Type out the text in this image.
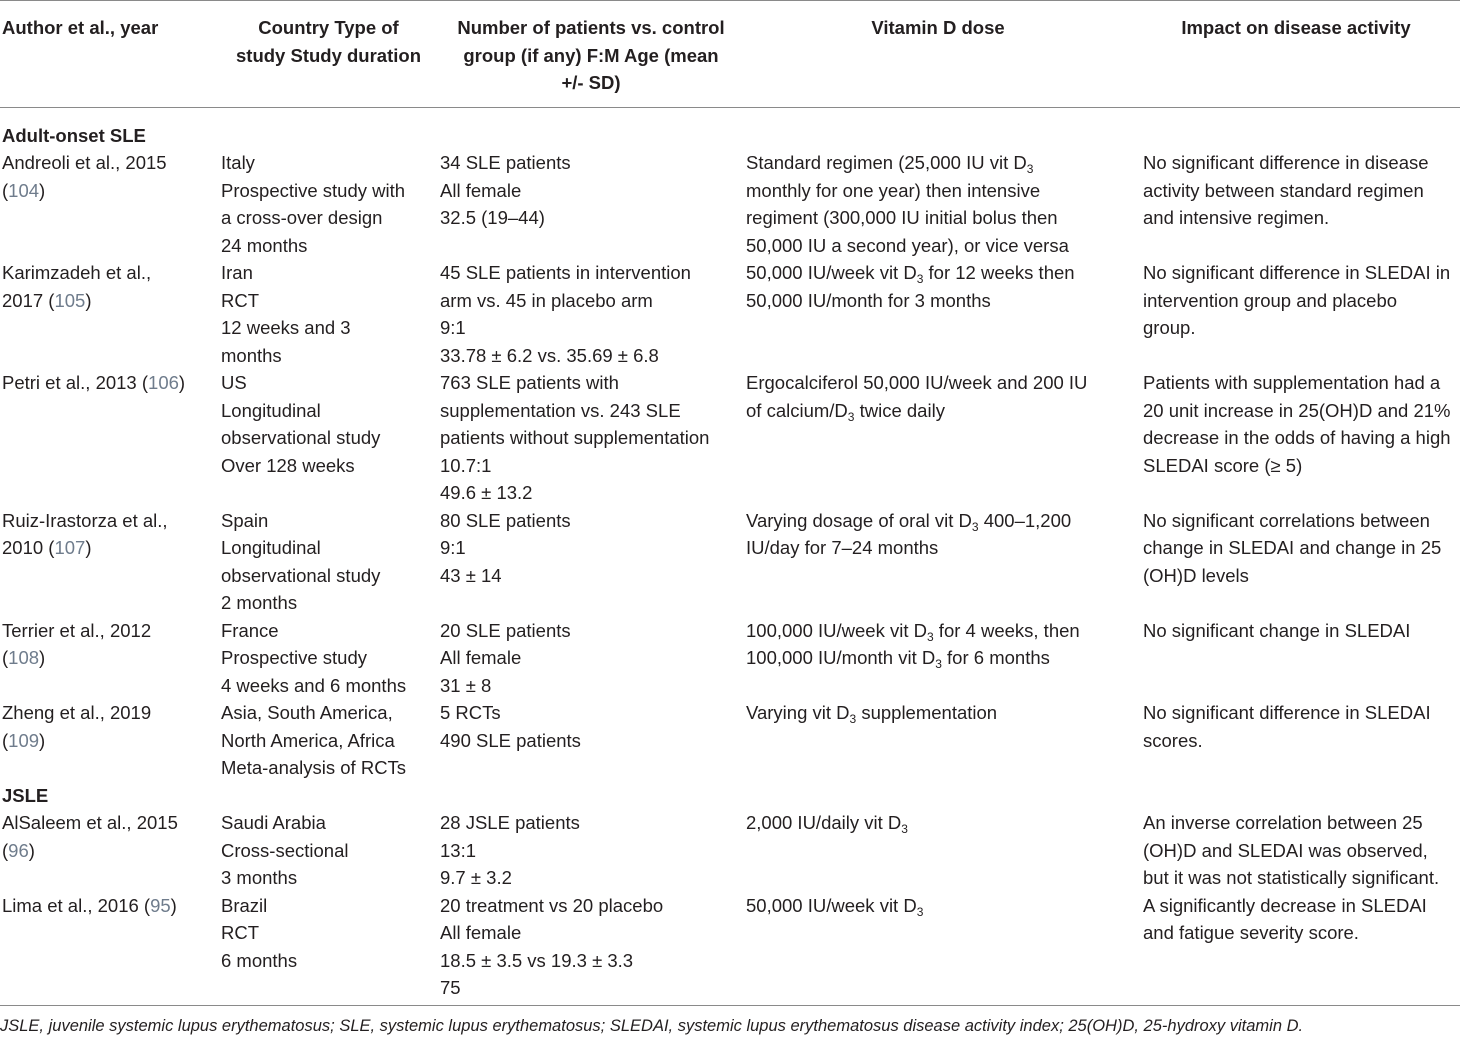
Author et al., year	Country Type of
study Study duration	Number of patients vs. control
group (if any) F:M Age (mean
+/- SD)	Vitamin D dose	Impact on disease activity

Adult-onset SLE				

Andreoli et al., 2015
(104)	Italy
Prospective study with
a cross-over design
24 months	34 SLE patients
All female
32.5 (19–44)	Standard regimen (25,000 IU vit $D_3$
monthly for one year) then intensive
regiment (300,000 IU initial bolus then
50,000 IU a second year), or vice versa	No significant difference in disease
activity between standard regimen
and intensive regimen.

Karimzadeh et al.,
2017 (105)	Iran
RCT
12 weeks and 3
months	45 SLE patients in intervention
arm vs. 45 in placebo arm
9:1
33.78 ± 6.2 vs. 35.69 ± 6.8	50,000 IU/week vit $D_3$ for 12 weeks then
50,000 IU/month for 3 months	No significant difference in SLEDAI in
intervention group and placebo
group.

Petri et al., 2013 (106)	US
Longitudinal
observational study
Over 128 weeks	763 SLE patients with
supplementation vs. 243 SLE
patients without supplementation
10.7:1
49.6 ± 13.2	Ergocalciferol 50,000 IU/week and 200 IU
of calcium/$D_3$ twice daily	Patients with supplementation had a
20 unit increase in 25(OH)D and 21%
decrease in the odds of having a high
SLEDAI score (≥ 5)

Ruiz-Irastorza et al.,
2010 (107)	Spain
Longitudinal
observational study
2 months	80 SLE patients
9:1
43 ± 14	Varying dosage of oral vit $D_3$ 400–1,200
IU/day for 7–24 months	No significant correlations between
change in SLEDAI and change in 25
(OH)D levels

Terrier et al., 2012
(108)	France
Prospective study
4 weeks and 6 months	20 SLE patients
All female
31 ± 8	100,000 IU/week vit $D_3$ for 4 weeks, then
100,000 IU/month vit $D_3$ for 6 months	No significant change in SLEDAI

Zheng et al., 2019
(109)	Asia, South America,
North America, Africa
Meta-analysis of RCTs	5 RCTs
490 SLE patients	Varying vit $D_3$ supplementation	No significant difference in SLEDAI
scores.

JSLE				

AlSaleem et al., 2015
(96)	Saudi Arabia
Cross-sectional
3 months	28 JSLE patients
13:1
9.7 ± 3.2	2,000 IU/daily vit $D_3$	An inverse correlation between 25
(OH)D and SLEDAI was observed,
but it was not statistically significant.

Lima et al., 2016 (95)	Brazil
RCT
6 months	20 treatment vs 20 placebo
All female
18.5 ± 3.5 vs 19.3 ± 3.3
75	50,000 IU/week vit $D_3$	A significantly decrease in SLEDAI
and fatigue severity score.
JSLE, juvenile systemic lupus erythematosus; SLE, systemic lupus erythematosus; SLEDAI, systemic lupus erythematosus disease activity index; 25(OH)D, 25-hydroxy vitamin D.
